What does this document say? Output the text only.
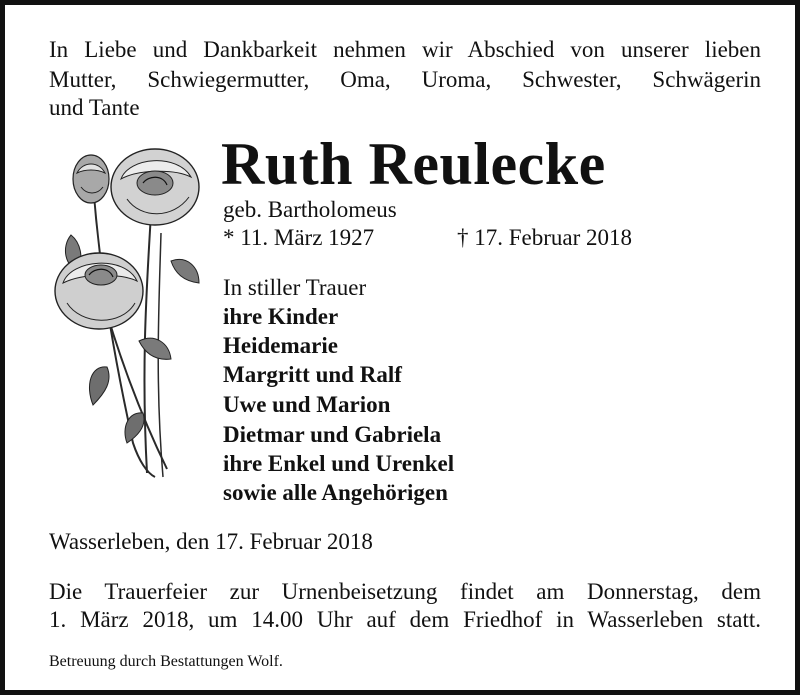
In Liebe und Dankbarkeit nehmen wir Abschied von unserer lieben
Mutter, Schwiegermutter, Oma, Uroma, Schwester, Schwägerin
und Tante
Ruth Reulecke
geb. Bartholomeus
* 11. März 1927	† 17. Februar 2018
In stiller Trauer
ihre Kinder
Heidemarie
Margritt und Ralf
Uwe und Marion
Dietmar und Gabriela
ihre Enkel und Urenkel
sowie alle Angehörigen
Wasserleben, den 17. Februar 2018
Die Trauerfeier zur Urnenbeisetzung findet am Donnerstag, dem
1. März 2018, um 14.00 Uhr auf dem Friedhof in Wasserleben statt.
Betreuung durch Bestattungen Wolf.
